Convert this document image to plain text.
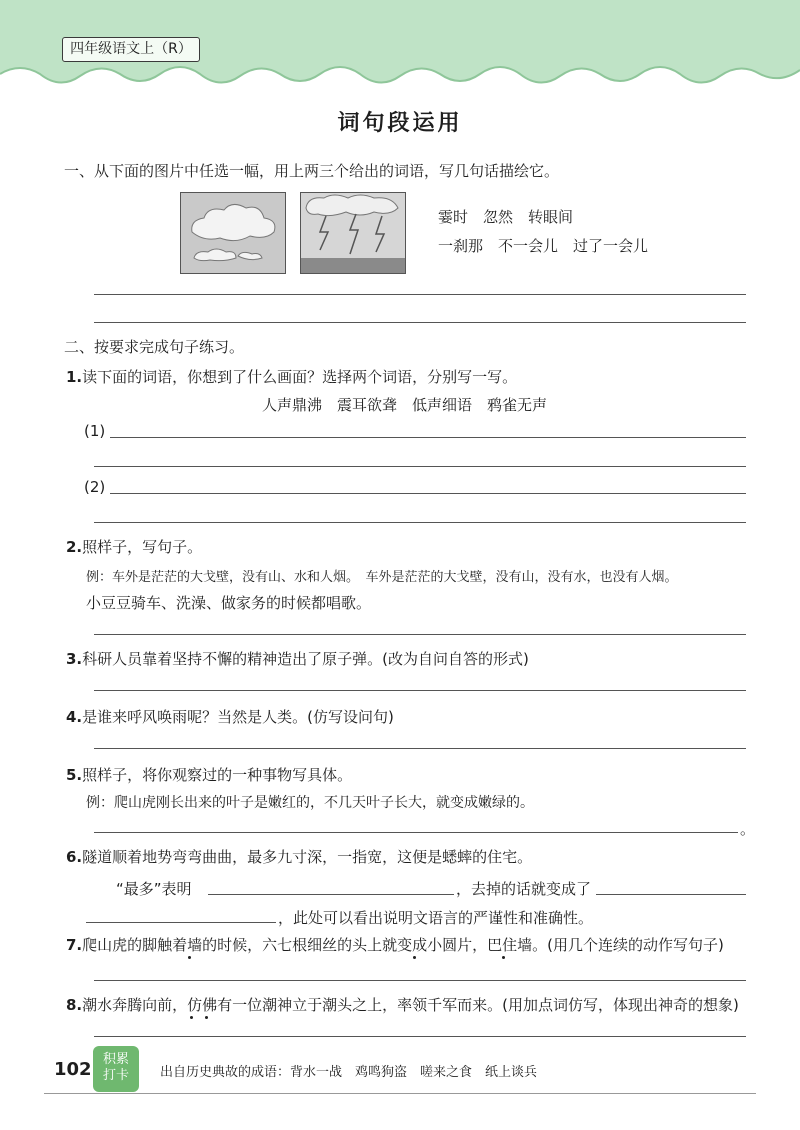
四年级语文上（R）
词句段运用
一、从下面的图片中任选一幅，用上两三个给出的词语，写几句话描绘它。
霎时　忽然　转眼间
一刹那　不一会儿　过了一会儿
二、按要求完成句子练习。
1.读下面的词语，你想到了什么画面？选择两个词语，分别写一写。
人声鼎沸　震耳欲聋　低声细语　鸦雀无声
(1)
(2)
2.照样子，写句子。
例：车外是茫茫的大戈壁，没有山、水和人烟。　车外是茫茫的大戈壁，没有山，没有水，也没有人烟。
小豆豆骑车、洗澡、做家务的时候都唱歌。
3.科研人员靠着坚持不懈的精神造出了原子弹。(改为自问自答的形式)
4.是谁来呼风唤雨呢？当然是人类。(仿写设问句)
5.照样子，将你观察过的一种事物写具体。
例：爬山虎刚长出来的叶子是嫩红的，不几天叶子长大，就变成嫩绿的。
。
6.隧道顺着地势弯弯曲曲，最多九寸深，一指宽，这便是蟋蟀的住宅。
“最多”表明	，去掉的话就变成了
，此处可以看出说明文语言的严谨性和准确性。
7.爬山虎的脚触着墙的时候，六七根细丝的头上就变成小圆片，巴住墙。(用几个连续的动作写句子)
8.潮水奔腾向前，仿佛有一位潮神立于潮头之上，率领千军而来。(用加点词仿写，体现出神奇的想象)
102 积累
打卡	出自历史典故的成语：背水一战　鸡鸣狗盗　嗟来之食　纸上谈兵
